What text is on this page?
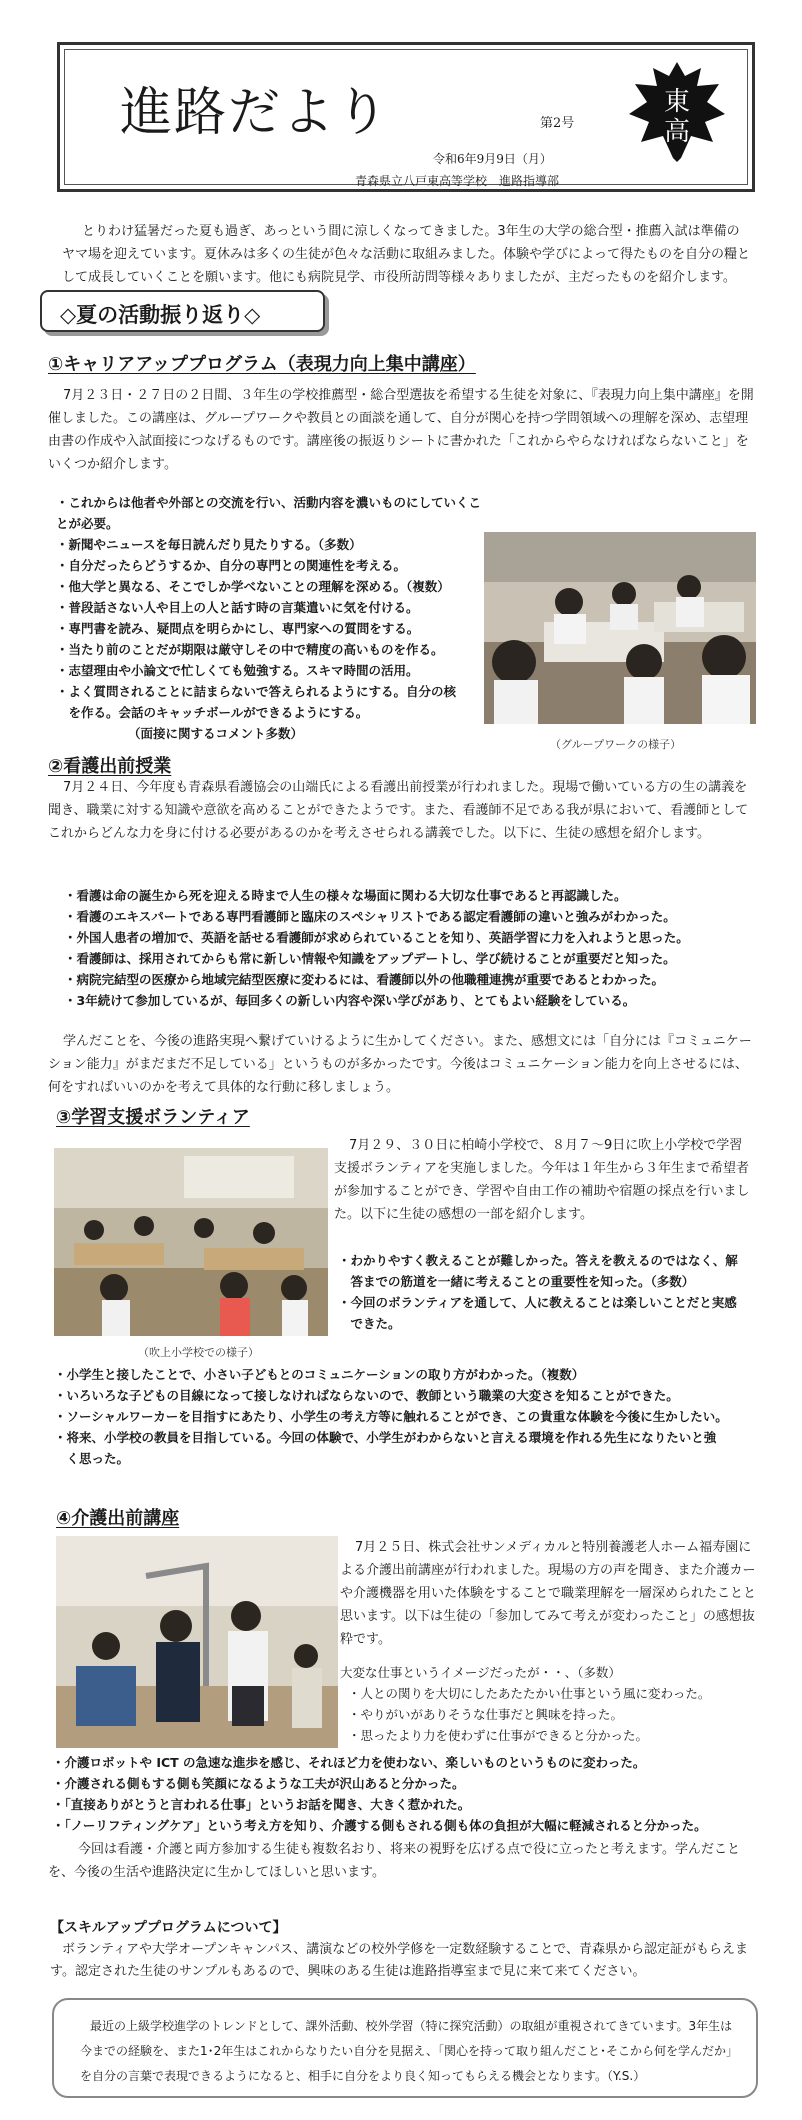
進路だより	第2号
令和6年9月9日（月）
青森県立八戸東高等学校　進路指導部
東
高

とりわけ猛暑だった夏も過ぎ、あっという間に涼しくなってきました。3年生の大学の総合型・推薦入試は準備のヤマ場を迎えています。夏休みは多くの生徒が色々な活動に取組みました。体験や学びによって得たものを自分の糧として成長していくことを願います。他にも病院見学、市役所訪問等様々ありましたが、主だったものを紹介します。

◇夏の活動振り返り◇
①キャリアアッププログラム（表現力向上集中講座）

7月２３日・２７日の２日間、３年生の学校推薦型・総合型選抜を希望する生徒を対象に、『表現力向上集中講座』を開催しました。この講座は、グループワークや教員との面談を通して、自分が関心を持つ学問領域への理解を深め、志望理由書の作成や入試面接につなげるものです。講座後の振返りシートに書かれた「これからやらなければならないこと」をいくつか紹介します。

・これからは他者や外部との交流を行い、活動内容を濃いものにしていくことが必要。
・新聞やニュースを毎日読んだり見たりする。（多数）
・自分だったらどうするか、自分の専門との関連性を考える。
・他大学と異なる、そこでしか学べないことの理解を深める。（複数）
・普段話さない人や目上の人と話す時の言葉遣いに気を付ける。
・専門書を読み、疑問点を明らかにし、専門家への質問をする。
・当たり前のことだが期限は厳守しその中で精度の高いものを作る。
・志望理由や小論文で忙しくても勉強する。スキマ時間の活用。
・よく質問されることに詰まらないで答えられるようにする。自分の核
　を作る。会話のキャッチボールができるようにする。
（面接に関するコメント多数）
（グループワークの様子）
②看護出前授業

7月２４日、今年度も青森県看護協会の山端氏による看護出前授業が行われました。現場で働いている方の生の講義を聞き、職業に対する知識や意欲を高めることができたようです。また、看護師不足である我が県において、看護師としてこれからどんな力を身に付ける必要があるのかを考えさせられる講義でした。以下に、生徒の感想を紹介します。

・看護は命の誕生から死を迎える時まで人生の様々な場面に関わる大切な仕事であると再認識した。
・看護のエキスパートである専門看護師と臨床のスペシャリストである認定看護師の違いと強みがわかった。
・外国人患者の増加で、英語を話せる看護師が求められていることを知り、英語学習に力を入れようと思った。
・看護師は、採用されてからも常に新しい情報や知識をアップデートし、学び続けることが重要だと知った。
・病院完結型の医療から地域完結型医療に変わるには、看護師以外の他職種連携が重要であるとわかった。
・3年続けて参加しているが、毎回多くの新しい内容や深い学びがあり、とてもよい経験をしている。

学んだことを、今後の進路実現へ繋げていけるように生かしてください。また、感想文には「自分には『コミュニケーション能力』がまだまだ不足している」というものが多かったです。今後はコミュニケーション能力を向上させるには、何をすればいいのかを考えて具体的な行動に移しましょう。

③学習支援ボランティア
（吹上小学校での様子）

7月２９、３０日に柏崎小学校で、８月７～9日に吹上小学校で学習支援ボランティアを実施しました。今年は１年生から３年生まで希望者が参加することができ、学習や自由工作の補助や宿題の採点を行いました。以下に生徒の感想の一部を紹介します。

・わかりやすく教えることが難しかった。答えを教えるのではなく、解
　答までの筋道を一緒に考えることの重要性を知った。（多数）
・今回のボランティアを通して、人に教えることは楽しいことだと実感
　できた。
・小学生と接したことで、小さい子どもとのコミュニケーションの取り方がわかった。（複数）
・いろいろな子どもの目線になって接しなければならないので、教師という職業の大変さを知ることができた。
・ソーシャルワーカーを目指すにあたり、小学生の考え方等に触れることができ、この貴重な体験を今後に生かしたい。
・将来、小学校の教員を目指している。今回の体験で、小学生がわからないと言える環境を作れる先生になりたいと強
　く思った。
④介護出前講座

7月２５日、株式会社サンメディカルと特別養護老人ホーム福寿園による介護出前講座が行われました。現場の方の声を聞き、また介護カーや介護機器を用いた体験をすることで職業理解を一層深められたことと思います。以下は生徒の「参加してみて考えが変わったこと」の感想抜粋です。

大変な仕事というイメージだったが・・、（多数）
・人との関りを大切にしたあたたかい仕事という風に変わった。
・やりがいがありそうな仕事だと興味を持った。
・思ったより力を使わずに仕事ができると分かった。
・介護ロボットや ICT の急速な進歩を感じ、それほど力を使わない、楽しいものというものに変わった。
・介護される側もする側も笑顔になるような工夫が沢山あると分かった。
・「直接ありがとうと言われる仕事」というお話を聞き、大きく惹かれた。
・「ノーリフティングケア」という考え方を知り、介護する側もされる側も体の負担が大幅に軽減されると分かった。

今回は看護・介護と両方参加する生徒も複数名おり、将来の視野を広げる点で役に立ったと考えます。学んだことを、今後の生活や進路決定に生かしてほしいと思います。

【スキルアッププログラムについて】

ボランティアや大学オープンキャンパス、講演などの校外学修を一定数経験することで、青森県から認定証がもらえます。認定された生徒のサンプルもあるので、興味のある生徒は進路指導室まで見に来て来てください。

最近の上級学校進学のトレンドとして、課外活動、校外学習（特に探究活動）の取組が重視されてきています。3年生は今までの経験を、また1･2年生はこれからなりたい自分を見据え、「関心を持って取り組んだこと･そこから何を学んだか」を自分の言葉で表現できるようになると、相手に自分をより良く知ってもらえる機会となります。（Y.S.）
